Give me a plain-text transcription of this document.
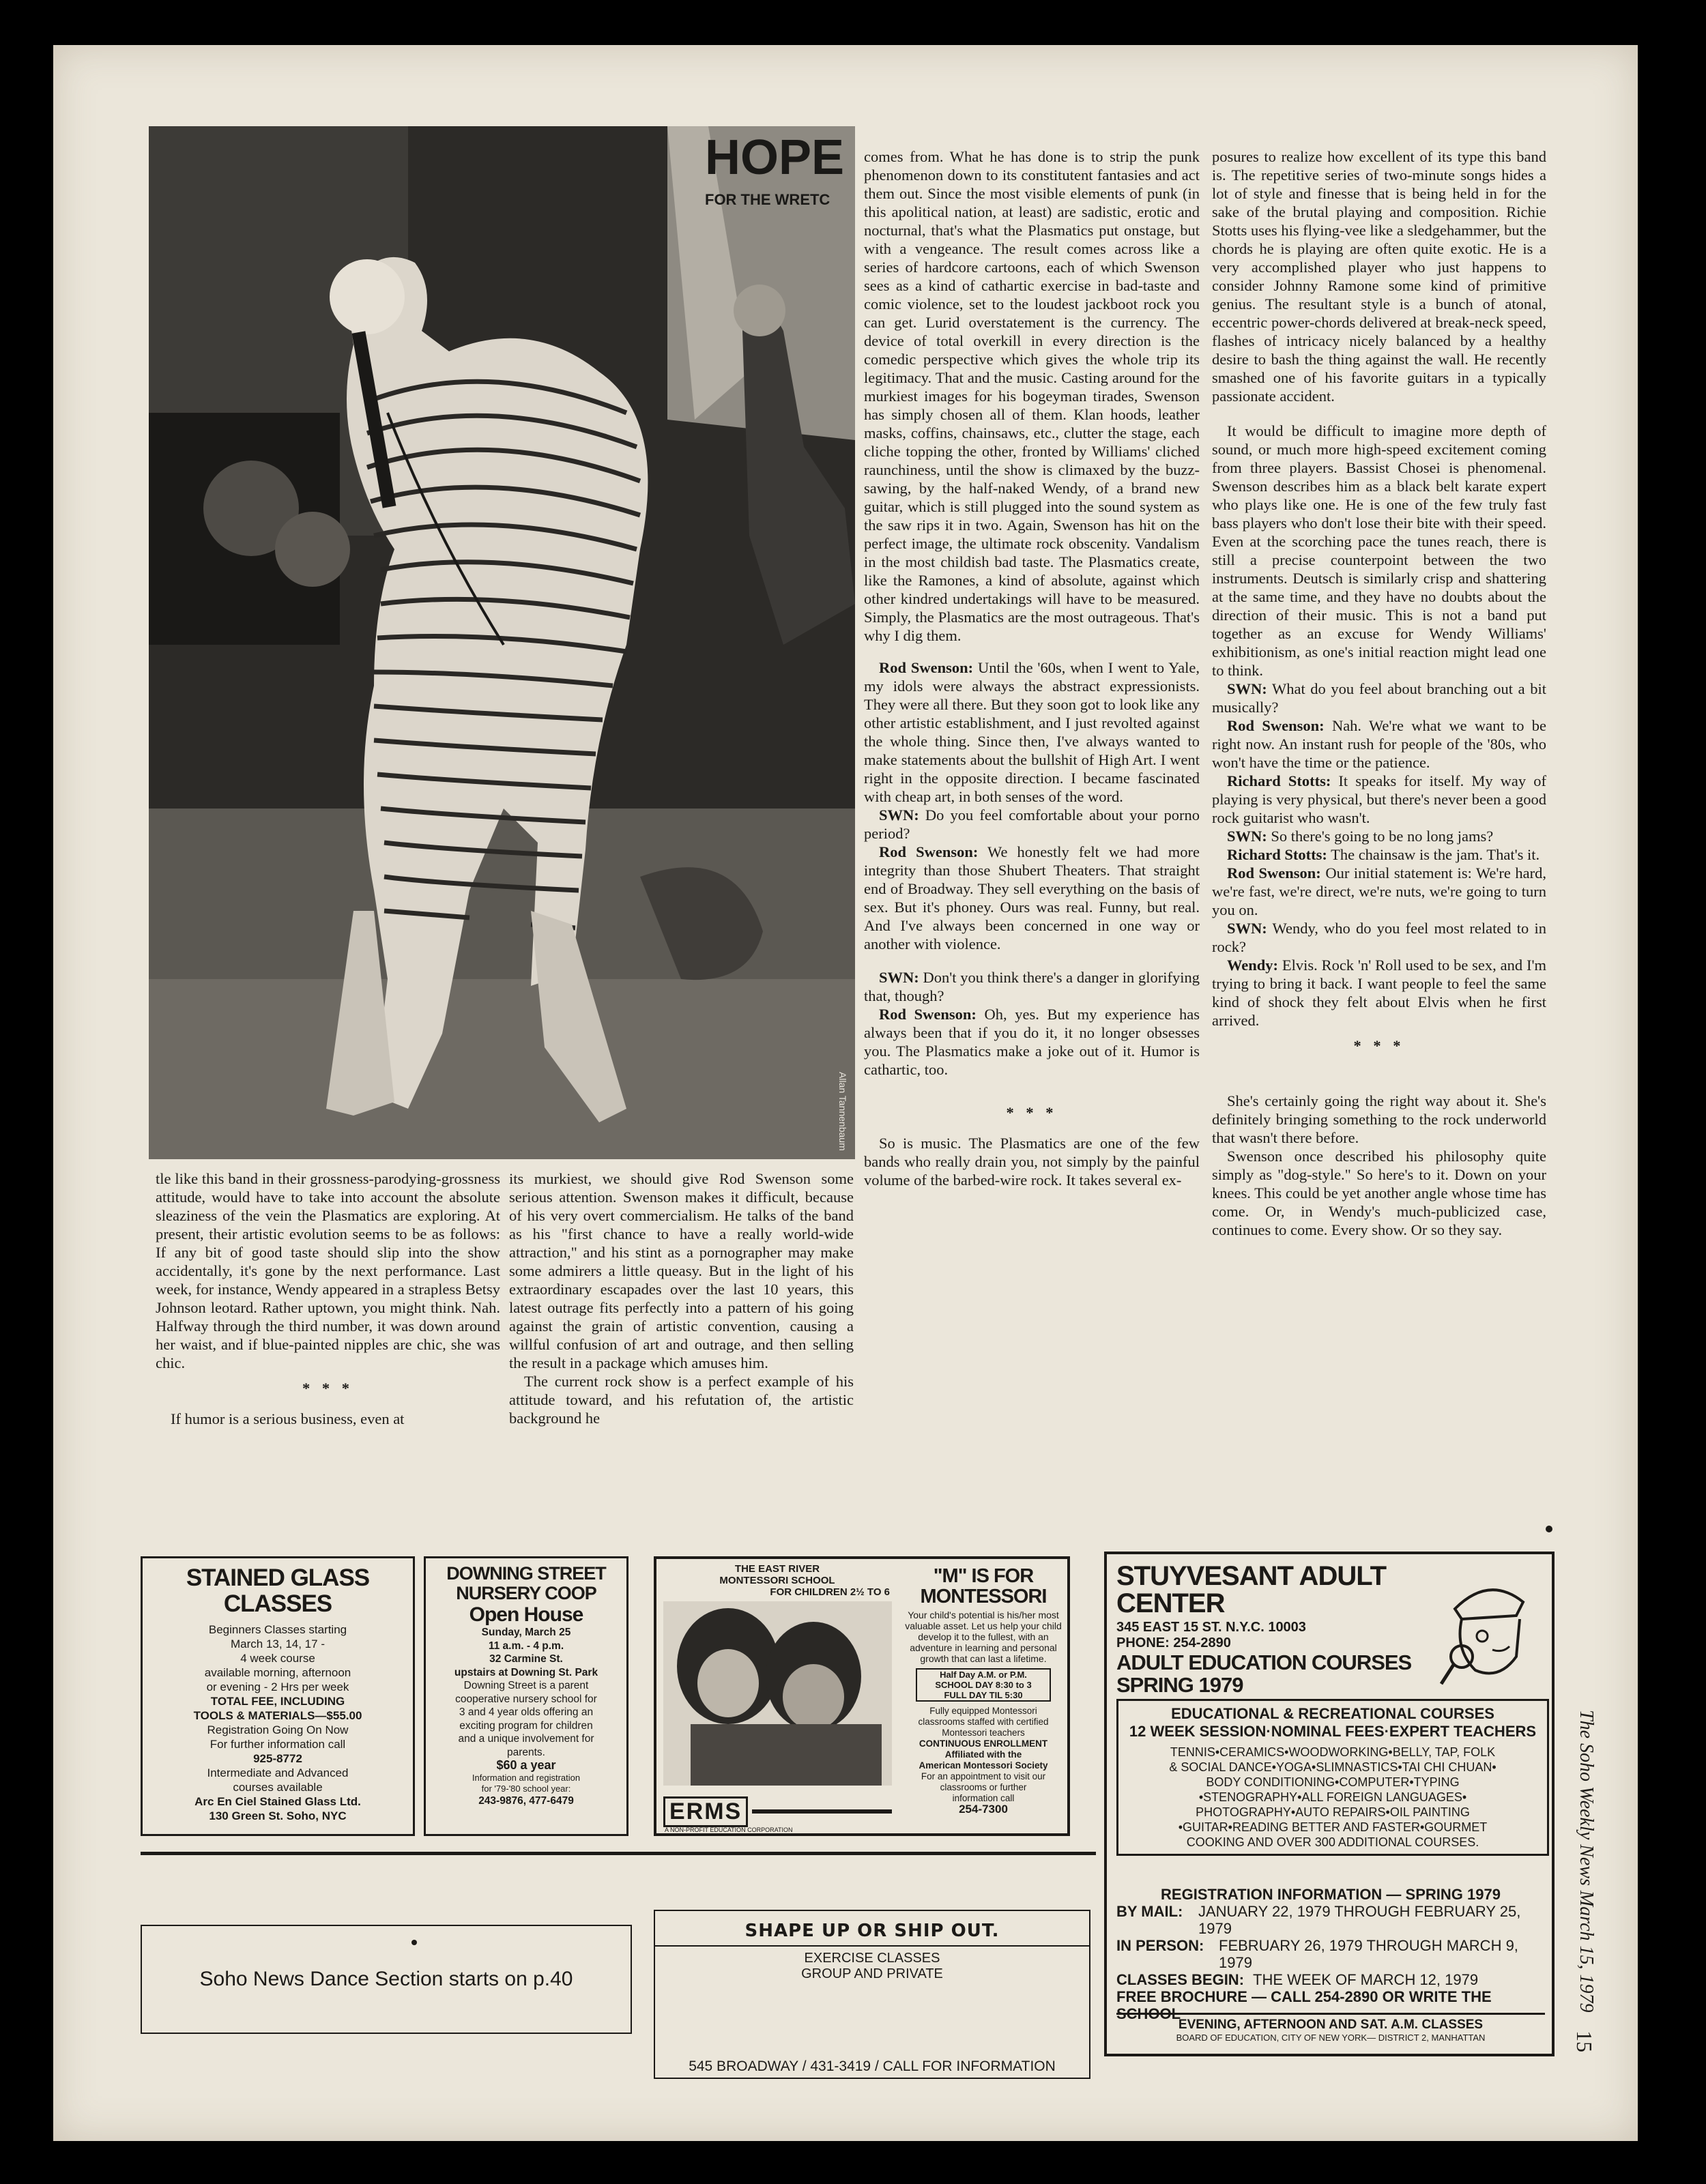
HOPE
FOR THE WRETC
Allan Tannenbaum

tle like this band in their grossness-parodying-grossness attitude, would have to take into account the absolute sleaziness of the vein the Plasmatics are exploring. At present, their artistic evolution seems to be as follows: If any bit of good taste should slip into the show accidentally, it's gone by the next performance. Last week, for instance, Wendy appeared in a strapless Betsy Johnson leotard. Rather uptown, you might think. Nah. Halfway through the third number, it was down around her waist, and if blue-painted nipples are chic, she was chic.

* * *

If humor is a serious business, even at

its murkiest, we should give Rod Swenson some serious attention. Swenson makes it difficult, because of his very overt commercialism. He talks of the band as his "first chance to have a really world-wide attraction," and his stint as a pornographer may make some admirers a little queasy. But in the light of his extraordinary escapades over the last 10 years, this latest outrage fits perfectly into a pattern of his going against the grain of artistic convention, causing a willful confusion of art and outrage, and then selling the result in a package which amuses him.

The current rock show is a perfect example of his attitude toward, and his refutation of, the artistic background he

comes from. What he has done is to strip the punk phenomenon down to its constitutent fantasies and act them out. Since the most visible elements of punk (in this apolitical nation, at least) are sadistic, erotic and nocturnal, that's what the Plasmatics put onstage, but with a vengeance. The result comes across like a series of hardcore cartoons, each of which Swenson sees as a kind of cathartic exercise in bad-taste and comic violence, set to the loudest jackboot rock you can get. Lurid overstatement is the currency. The device of total overkill in every direction is the comedic perspective which gives the whole trip its legitimacy. That and the music. Casting around for the murkiest images for his bogeyman tirades, Swenson has simply chosen all of them. Klan hoods, leather masks, coffins, chainsaws, etc., clutter the stage, each cliche topping the other, fronted by Williams' cliched raunchiness, until the show is climaxed by the buzz-sawing, by the half-naked Wendy, of a brand new guitar, which is still plugged into the sound system as the saw rips it in two. Again, Swenson has hit on the perfect image, the ultimate rock obscenity. Vandalism in the most childish bad taste. The Plasmatics create, like the Ramones, a kind of absolute, against which other kindred undertakings will have to be measured. Simply, the Plasmatics are the most outrageous. That's why I dig them.

Rod Swenson: Until the '60s, when I went to Yale, my idols were always the abstract expressionists. They were all there. But they soon got to look like any other artistic establishment, and I just revolted against the whole thing. Since then, I've always wanted to make statements about the bullshit of High Art. I went right in the opposite direction. I became fascinated with cheap art, in both senses of the word.

SWN: Do you feel comfortable about your porno period?

Rod Swenson: We honestly felt we had more integrity than those Shubert Theaters. That straight end of Broadway. They sell everything on the basis of sex. But it's phoney. Ours was real. Funny, but real. And I've always been concerned in one way or another with violence.

SWN: Don't you think there's a danger in glorifying that, though?

Rod Swenson: Oh, yes. But my experience has always been that if you do it, it no longer obsesses you. The Plasmatics make a joke out of it. Humor is cathartic, too.

* * *

So is music. The Plasmatics are one of the few bands who really drain you, not simply by the painful volume of the barbed-wire rock. It takes several ex-

posures to realize how excellent of its type this band is. The repetitive series of two-minute songs hides a lot of style and finesse that is being held in for the sake of the brutal playing and composition. Richie Stotts uses his flying-vee like a sledgehammer, but the chords he is playing are often quite exotic. He is a very accomplished player who just happens to consider Johnny Ramone some kind of primitive genius. The resultant style is a bunch of atonal, eccentric power-chords delivered at break-neck speed, flashes of intricacy nicely balanced by a healthy desire to bash the thing against the wall. He recently smashed one of his favorite guitars in a typically passionate accident.

It would be difficult to imagine more depth of sound, or much more high-speed excitement coming from three players. Bassist Chosei is phenomenal. Swenson describes him as a black belt karate expert who plays like one. He is one of the few truly fast bass players who don't lose their bite with their speed. Even at the scorching pace the tunes reach, there is still a precise counterpoint between the two instruments. Deutsch is similarly crisp and shattering at the same time, and they have no doubts about the direction of their music. This is not a band put together as an excuse for Wendy Williams' exhibitionism, as one's initial reaction might lead one to think.

SWN: What do you feel about branching out a bit musically?

Rod Swenson: Nah. We're what we want to be right now. An instant rush for people of the '80s, who won't have the time or the patience.

Richard Stotts: It speaks for itself. My way of playing is very physical, but there's never been a good rock guitarist who wasn't.

SWN: So there's going to be no long jams?

Richard Stotts: The chainsaw is the jam. That's it.

Rod Swenson: Our initial statement is: We're hard, we're fast, we're direct, we're nuts, we're going to turn you on.

SWN: Wendy, who do you feel most related to in rock?

Wendy: Elvis. Rock 'n' Roll used to be sex, and I'm trying to bring it back. I want people to feel the same kind of shock they felt about Elvis when he first arrived.

* * *

She's certainly going the right way about it. She's definitely bringing something to the rock underworld that wasn't there before.

Swenson once described his philosophy quite simply as "dog-style." So here's to it. Down on your knees. This could be yet another angle whose time has come. Or, in Wendy's much-publicized case, continues to come. Every show. Or so they say.

STAINED GLASS CLASSES
Beginners Classes starting
March 13, 14, 17 -
4 week course
available morning, afternoon
or evening - 2 Hrs per week
TOTAL FEE, INCLUDING
TOOLS & MATERIALS—$55.00
Registration Going On Now
For further information call
925-8772
Intermediate and Advanced
courses available
Arc En Ciel Stained Glass Ltd.
130 Green St. Soho, NYC
DOWNING STREET NURSERY COOP
Open House
Sunday, March 25
11 a.m. - 4 p.m.
32 Carmine St.
upstairs at Downing St. Park
Downing Street is a parent
cooperative nursery school for
3 and 4 year olds offering an
exciting program for children
and a unique involvement for
parents.
$60 a year
Information and registration
for '79-'80 school year:
243-9876, 477-6479
THE EAST RIVER
MONTESSORI SCHOOL
FOR CHILDREN 2½ TO 6
ERMS
A NON-PROFIT EDUCATION CORPORATION
"M" IS FOR MONTESSORI
Your child's potential is his/her most valuable asset. Let us help your child develop it to the fullest, with an adventure in learning and personal growth that can last a lifetime.
Half Day A.M. or P.M.
SCHOOL DAY 8:30 to 3
FULL DAY TIL 5:30
Fully equipped Montessori
classrooms staffed with certified
Montessori teachers
CONTINUOUS ENROLLMENT
Affiliated with the
American Montessori Society
For an appointment to visit our
classrooms or further
information call
254-7300
STUYVESANT ADULT CENTER
345 EAST 15 ST. N.Y.C. 10003
PHONE: 254-2890
ADULT EDUCATION COURSES
SPRING 1979
EDUCATIONAL & RECREATIONAL COURSES
12 WEEK SESSION·NOMINAL FEES·EXPERT TEACHERS
TENNIS•CERAMICS•WOODWORKING•BELLY, TAP, FOLK
& SOCIAL DANCE•YOGA•SLIMNASTICS•TAI CHI CHUAN•
BODY CONDITIONING•COMPUTER•TYPING
•STENOGRAPHY•ALL FOREIGN LANGUAGES•
PHOTOGRAPHY•AUTO REPAIRS•OIL PAINTING
•GUITAR•READING BETTER AND FASTER•GOURMET
COOKING AND OVER 300 ADDITIONAL COURSES.
REGISTRATION INFORMATION — SPRING 1979
BY MAIL:	JANUARY 22, 1979 THROUGH FEBRUARY 25, 1979
IN PERSON: FEBRUARY 26, 1979 THROUGH MARCH 9, 1979
CLASSES BEGIN: THE WEEK OF MARCH 12, 1979
FREE BROCHURE — CALL 254-2890 OR WRITE THE SCHOOL
EVENING, AFTERNOON AND SAT. A.M. CLASSES
BOARD OF EDUCATION, CITY OF NEW YORK— DISTRICT 2, MANHATTAN
Soho News Dance Section starts on p.40
SHAPE UP OR SHIP OUT.
EXERCISE CLASSES
GROUP AND PRIVATE
545 BROADWAY / 431-3419 / CALL FOR INFORMATION
The Soho Weekly News March 15, 1979
15
